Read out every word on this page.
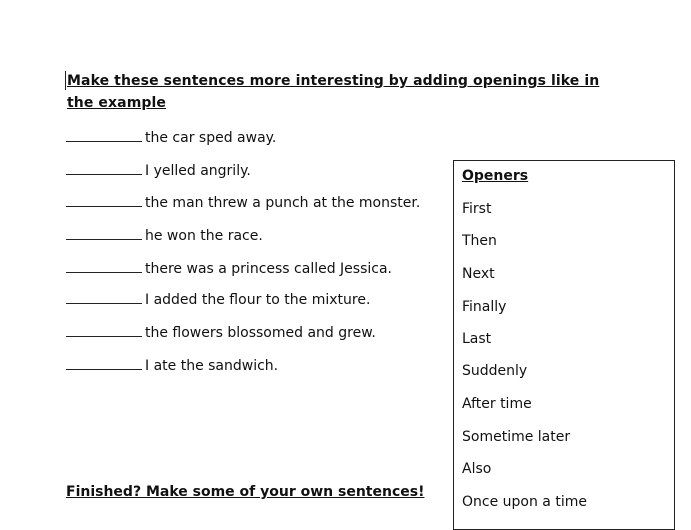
Make these sentences more interesting by adding openings like in the example
the car sped away.
I yelled angrily.
the man threw a punch at the monster.
he won the race.
there was a princess called Jessica.
I added the flour to the mixture.
the flowers blossomed and grew.
I ate the sandwich.
Openers
First
Then
Next
Finally
Last
Suddenly
After time
Sometime later
Also
Once upon a time
Finished? Make some of your own sentences!
